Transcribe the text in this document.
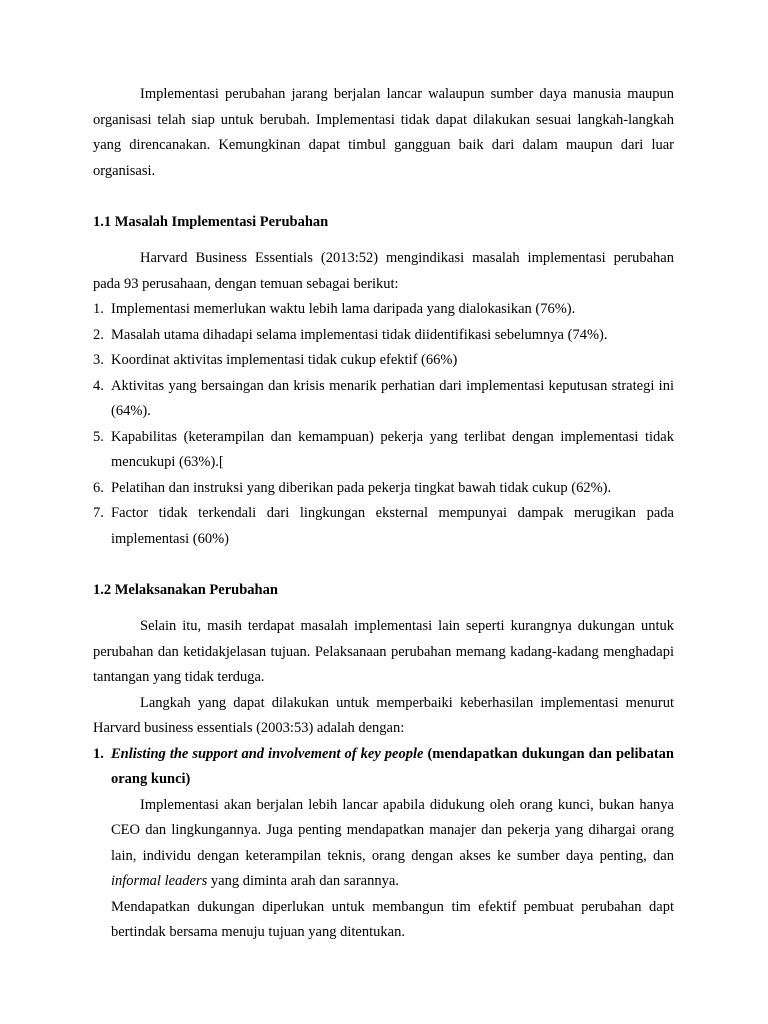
Implementasi perubahan jarang berjalan lancar walaupun sumber daya manusia maupun organisasi telah siap untuk berubah. Implementasi tidak dapat dilakukan sesuai langkah-langkah yang direncanakan. Kemungkinan dapat timbul gangguan baik dari dalam maupun dari luar organisasi.

1.1 Masalah Implementasi Perubahan

Harvard Business Essentials (2013:52) mengindikasi masalah implementasi perubahan pada 93 perusahaan, dengan temuan sebagai berikut:

1. Implementasi memerlukan waktu lebih lama daripada yang dialokasikan (76%).
2. Masalah utama dihadapi selama implementasi tidak diidentifikasi sebelumnya (74%).
3. Koordinat aktivitas implementasi tidak cukup efektif (66%)
4. Aktivitas yang bersaingan dan krisis menarik perhatian dari implementasi keputusan strategi ini (64%).
5. Kapabilitas (keterampilan dan kemampuan) pekerja yang terlibat dengan implementasi tidak mencukupi (63%).[
6. Pelatihan dan instruksi yang diberikan pada pekerja tingkat bawah tidak cukup (62%).
7. Factor tidak terkendali dari lingkungan eksternal mempunyai dampak merugikan pada implementasi (60%)

1.2 Melaksanakan Perubahan

Selain itu, masih terdapat masalah implementasi lain seperti kurangnya dukungan untuk perubahan dan ketidakjelasan tujuan. Pelaksanaan perubahan memang kadang-kadang menghadapi tantangan yang tidak terduga.

Langkah yang dapat dilakukan untuk memperbaiki keberhasilan implementasi menurut Harvard business essentials (2003:53) adalah dengan:

1. Enlisting the support and involvement of key people (mendapatkan dukungan dan pelibatan orang kunci)

Implementasi akan berjalan lebih lancar apabila didukung oleh orang kunci, bukan hanya CEO dan lingkungannya. Juga penting mendapatkan manajer dan pekerja yang dihargai orang lain, individu dengan keterampilan teknis, orang dengan akses ke sumber daya penting, dan informal leaders yang diminta arah dan sarannya.

Mendapatkan dukungan diperlukan untuk membangun tim efektif pembuat perubahan dapt bertindak bersama menuju tujuan yang ditentukan.
